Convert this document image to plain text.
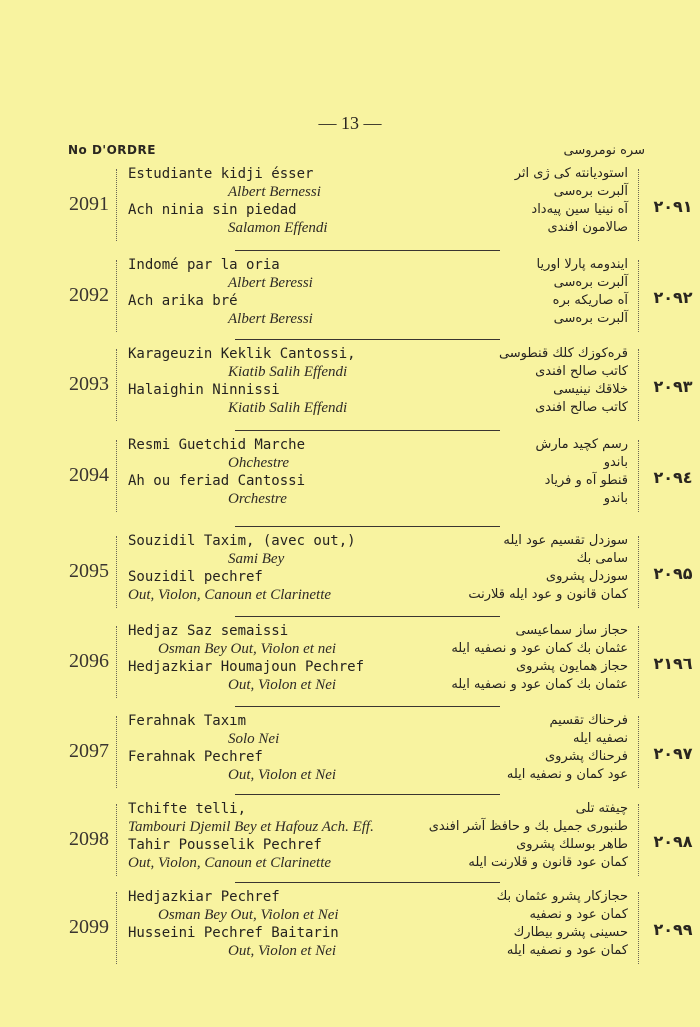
— 13 —
No D'ORDRE	سره نومروسی
2091	۲۰۹۱
Estudiante kidji ésser	استودیانته کی ژی اثر
Albert Bernessi	آلبرت برەسی
Ach ninia sin piedad	آه نینیا سین پیەداد
Salamon Effendi	صالامون افندی
2092	۲۰۹۲
Indomé par la oria	ایندومه پارلا اوریا
Albert Beressi	آلبرت برەسی
Ach arika bré	آه صاریکه بره
Albert Beressi	آلبرت برەسی
2093	۲۰۹۳
Karageuzin Keklik Cantossi,	قره‌کوزك کلك قنطوسی
Kiatib Salih Effendi	کاتب صالح افندی
Halaighin Ninnissi	خلاقك نینیسی
Kiatib Salih Effendi	کاتب صالح افندی
2094	۲۰۹٤
Resmi Guetchid Marche	رسم کچید مارش
Ohchestre	باندو
Ah ou feriad Cantossi	قنطو آه و فریاد
Orchestre	باندو
2095	۲۰۹۵
Souzidil Taxim, (avec out,)	سوزدل تقسیم عود ایله
Sami Bey	سامی بك
Souzidil pechref	سوزدل پشروی
Out, Violon, Canoun et Clarinette	کمان قانون و عود ایله قلارنت
2096	۲۱۹٦
Hedjaz Saz semaissi	حجاز ساز سماعیسی
Osman Bey Out, Violon et nei	عثمان بك کمان عود و نصفیه ایله
Hedjazkiar Houmajoun Pechref	حجاز همایون پشروی
Out, Violon et Nei	عثمان بك کمان عود و نصفیه ایله
2097	۲۰۹۷
Ferahnak Taxım	فرحناك تقسیم
Solo Nei	نصفیه ایله
Ferahnak Pechref	فرحناك پشروی
Out, Violon et Nei	عود کمان و نصفیه ایله
2098	۲۰۹۸
Tchifte telli,	چیفته تلی
Tambouri Djemil Bey et Hafouz Ach. Eff.	طنبوری جمیل بك و حافظ آشر افندی
Tahir Pousselik Pechref	طاهر بوسلك پشروی
Out, Violon, Canoun et Clarinette	کمان عود قانون و قلارنت ایله
2099	۲۰۹۹
Hedjazkiar Pechref	حجازکار پشرو عثمان بك
Osman Bey Out, Violon et Nei	کمان عود و نصفیه
Husseini Pechref Baitarin	حسینی پشرو بیطارك
Out, Violon et Nei	کمان عود و نصفیه ایله
